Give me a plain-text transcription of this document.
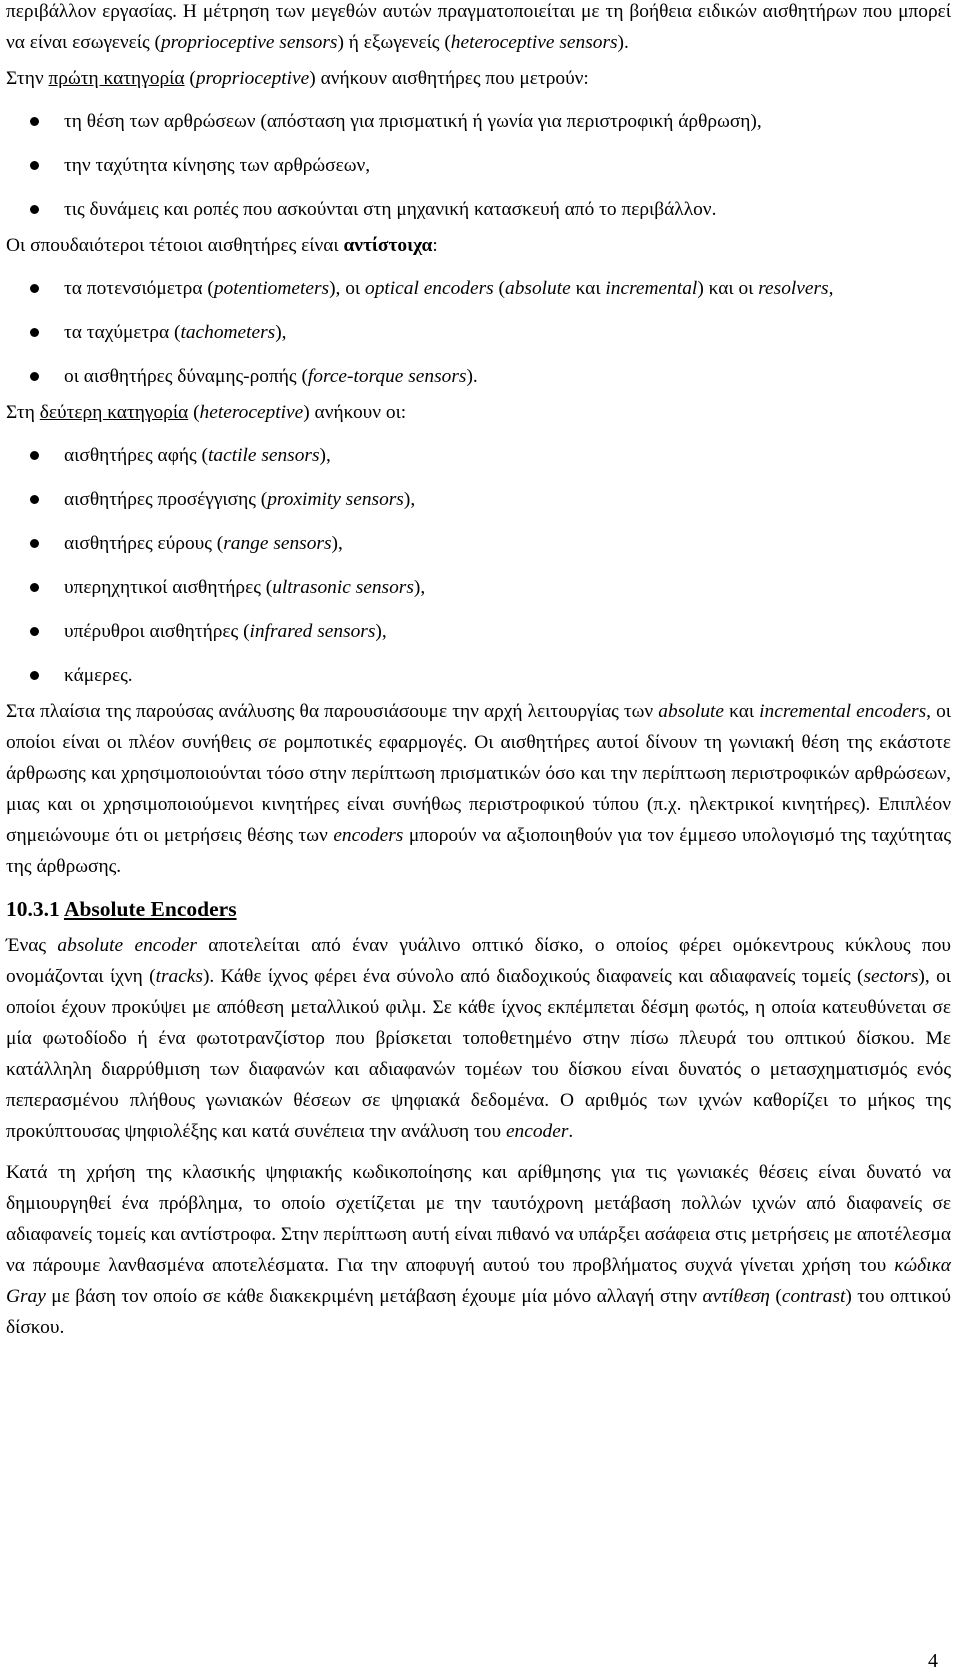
περιβάλλον εργασίας. Η μέτρηση των μεγεθών αυτών πραγματοποιείται με τη βοήθεια ειδικών αισθητήρων που μπορεί να είναι εσωγενείς (proprioceptive sensors) ή εξωγενείς (heteroceptive sensors).

Στην πρώτη κατηγορία (proprioceptive) ανήκουν αισθητήρες που μετρούν:

τη θέση των αρθρώσεων (απόσταση για πρισματική ή γωνία για περιστροφική άρθρωση),
την ταχύτητα κίνησης των αρθρώσεων,
τις δυνάμεις και ροπές που ασκούνται στη μηχανική κατασκευή από το περιβάλλον.

Οι σπουδαιότεροι τέτοιοι αισθητήρες είναι αντίστοιχα:

τα ποτενσιόμετρα (potentiometers), οι optical encoders (absolute και incremental) και οι resolvers,
τα ταχύμετρα (tachometers),
οι αισθητήρες δύναμης-ροπής (force-torque sensors).

Στη δεύτερη κατηγορία (heteroceptive) ανήκουν οι:

αισθητήρες αφής (tactile sensors),
αισθητήρες προσέγγισης (proximity sensors),
αισθητήρες εύρους (range sensors),
υπερηχητικοί αισθητήρες (ultrasonic sensors),
υπέρυθροι αισθητήρες (infrared sensors),
κάμερες.

Στα πλαίσια της παρούσας ανάλυσης θα παρουσιάσουμε την αρχή λειτουργίας των absolute και incremental encoders, οι οποίοι είναι οι πλέον συνήθεις σε ρομποτικές εφαρμογές. Οι αισθητήρες αυτοί δίνουν τη γωνιακή θέση της εκάστοτε άρθρωσης και χρησιμοποιούνται τόσο στην περίπτωση πρισματικών όσο και την περίπτωση περιστροφικών αρθρώσεων, μιας και οι χρησιμοποιούμενοι κινητήρες είναι συνήθως περιστροφικού τύπου (π.χ. ηλεκτρικοί κινητήρες). Επιπλέον σημειώνουμε ότι οι μετρήσεις θέσης των encoders μπορούν να αξιοποιηθούν για τον έμμεσο υπολογισμό της ταχύτητας της άρθρωσης.

10.3.1 Absolute Encoders

Ένας absolute encoder αποτελείται από έναν γυάλινο οπτικό δίσκο, ο οποίος φέρει ομόκεντρους κύκλους που ονομάζονται ίχνη (tracks). Κάθε ίχνος φέρει ένα σύνολο από διαδοχικούς διαφανείς και αδιαφανείς τομείς (sectors), οι οποίοι έχουν προκύψει με απόθεση μεταλλικού φιλμ. Σε κάθε ίχνος εκπέμπεται δέσμη φωτός, η οποία κατευθύνεται σε μία φωτοδίοδο ή ένα φωτοτρανζίστορ που βρίσκεται τοποθετημένο στην πίσω πλευρά του οπτικού δίσκου. Με κατάλληλη διαρρύθμιση των διαφανών και αδιαφανών τομέων του δίσκου είναι δυνατός ο μετασχηματισμός ενός πεπερασμένου πλήθους γωνιακών θέσεων σε ψηφιακά δεδομένα. Ο αριθμός των ιχνών καθορίζει το μήκος της προκύπτουσας ψηφιολέξης και κατά συνέπεια την ανάλυση του encoder.

Κατά τη χρήση της κλασικής ψηφιακής κωδικοποίησης και αρίθμησης για τις γωνιακές θέσεις είναι δυνατό να δημιουργηθεί ένα πρόβλημα, το οποίο σχετίζεται με την ταυτόχρονη μετάβαση πολλών ιχνών από διαφανείς σε αδιαφανείς τομείς και αντίστροφα. Στην περίπτωση αυτή είναι πιθανό να υπάρξει ασάφεια στις μετρήσεις με αποτέλεσμα να πάρουμε λανθασμένα αποτελέσματα. Για την αποφυγή αυτού του προβλήματος συχνά γίνεται χρήση του κώδικα Gray με βάση τον οποίο σε κάθε διακεκριμένη μετάβαση έχουμε μία μόνο αλλαγή στην αντίθεση (contrast) του οπτικού δίσκου.

4
